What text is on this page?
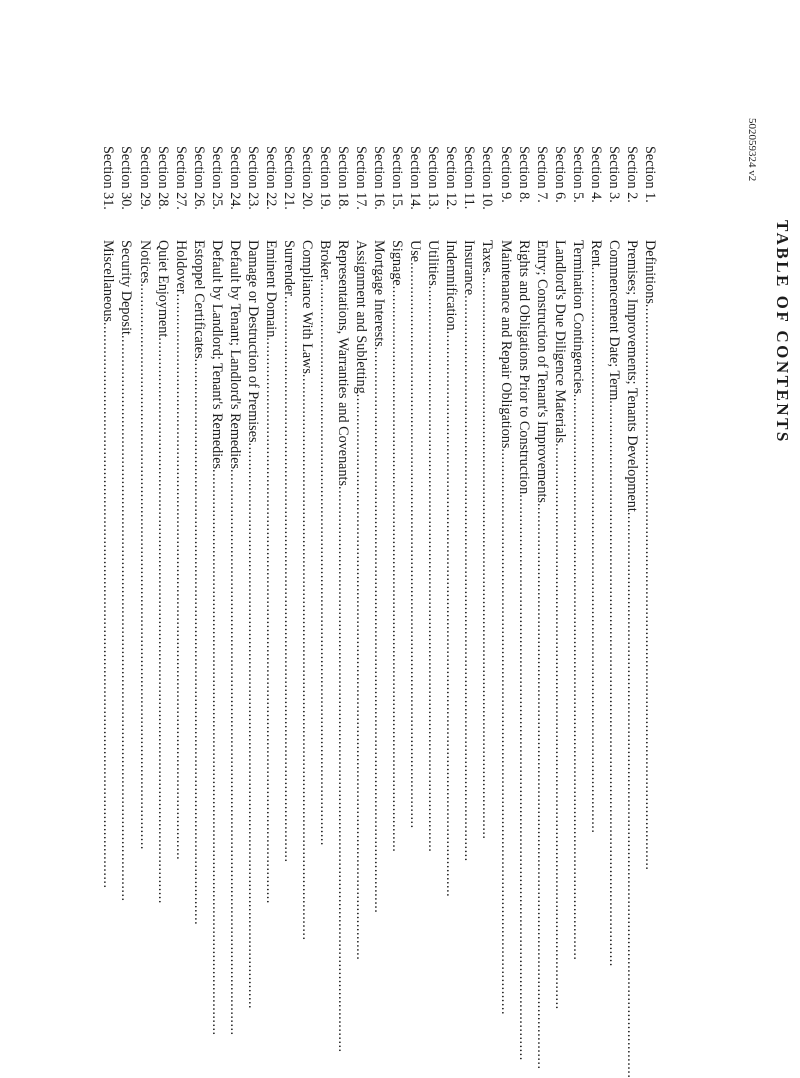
TABLE OF CONTENTS
Section 1.
Definitions............................................................................................................................................
Section 2.
Premises; Improvements; Tenants Development............................................................................................................................................
Section 3.
Commencement Date; Term............................................................................................................................................
Section 4.
Rent............................................................................................................................................
Section 5.
Termination Contingencies............................................................................................................................................
Section 6.
Landlord's Due Diligence Materials............................................................................................................................................
Section 7.
Entry; Construction of Tenant's Improvements............................................................................................................................................
Section 8.
Rights and Obligations Prior to Construction............................................................................................................................................
Section 9.
Maintenance and Repair Obligations............................................................................................................................................
Section 10.
Taxes............................................................................................................................................
Section 11.
Insurance............................................................................................................................................
Section 12.
Indemnification............................................................................................................................................
Section 13.
Utilities............................................................................................................................................
Section 14.
Use............................................................................................................................................
Section 15.
Signage............................................................................................................................................
Section 16.
Mortgage Interests............................................................................................................................................
Section 17.
Assignment and Subletting............................................................................................................................................
Section 18.
Representations, Warranties and Covenants............................................................................................................................................
Section 19.
Broker............................................................................................................................................
Section 20.
Compliance With Laws............................................................................................................................................
Section 21.
Surrender............................................................................................................................................
Section 22.
Eminent Domain............................................................................................................................................
Section 23.
Damage or Destruction of Premises............................................................................................................................................
Section 24.
Default by Tenant; Landlord's Remedies............................................................................................................................................
Section 25.
Default by Landlord; Tenant's Remedies............................................................................................................................................
Section 26.
Estoppel Certificates............................................................................................................................................
Section 27.
Holdover............................................................................................................................................
Section 28.
Quiet Enjoyment............................................................................................................................................
Section 29.
Notices............................................................................................................................................
Section 30.
Security Deposit............................................................................................................................................
Section 31.
Miscellaneous............................................................................................................................................
502059324 v2
